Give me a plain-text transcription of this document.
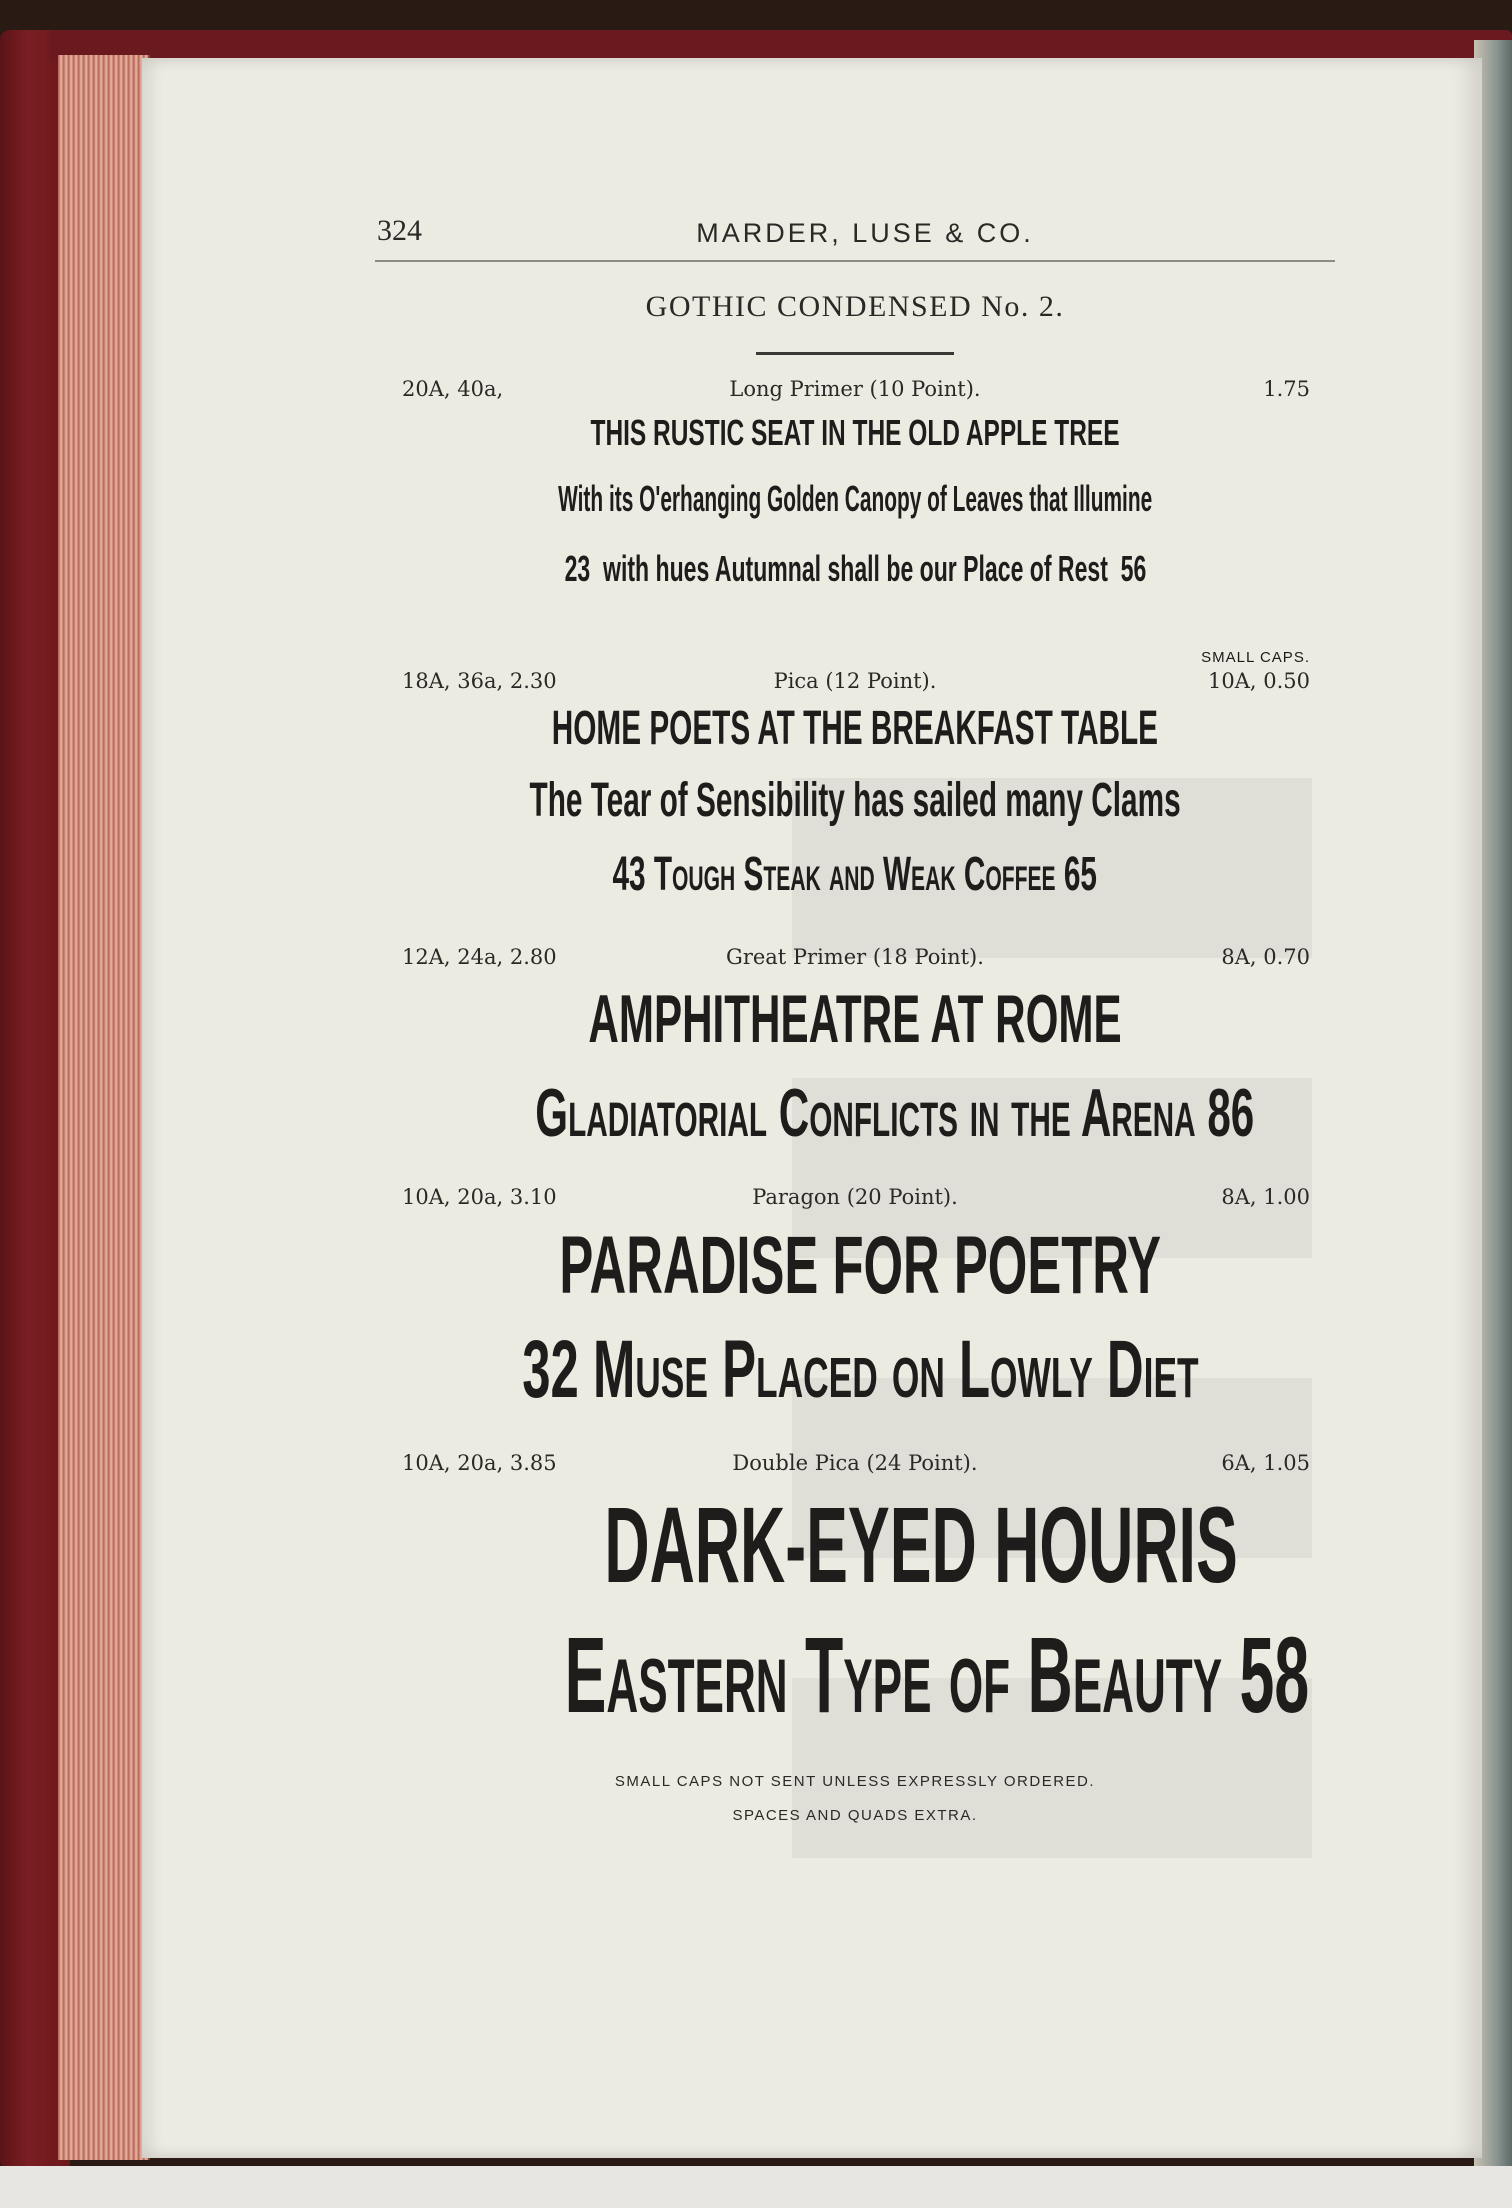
324	MARDER, LUSE & CO.
GOTHIC CONDENSED No. 2.
20A, 40a,	Long Primer (10 Point).	1.75
THIS RUSTIC SEAT IN THE OLD APPLE TREE
With its O'erhanging Golden Canopy of Leaves that Illumine
23  with hues Autumnal shall be our Place of Rest  56
SMALL CAPS.
18A, 36a, 2.30	Pica (12 Point).	10A, 0.50
HOME POETS AT THE BREAKFAST TABLE
The Tear of Sensibility has sailed many Clams
43 Tough Steak and Weak Coffee 65
12A, 24a, 2.80	Great Primer (18 Point).	8A, 0.70
AMPHITHEATRE AT ROME
Gladiatorial Conflicts in the Arena 86
10A, 20a, 3.10	Paragon (20 Point).	8A, 1.00
PARADISE FOR POETRY
32 Muse Placed on Lowly Diet
10A, 20a, 3.85	Double Pica (24 Point).	6A, 1.05
DARK-EYED HOURIS
Eastern Type of Beauty 58
SMALL CAPS NOT SENT UNLESS EXPRESSLY ORDERED.
SPACES AND QUADS EXTRA.
